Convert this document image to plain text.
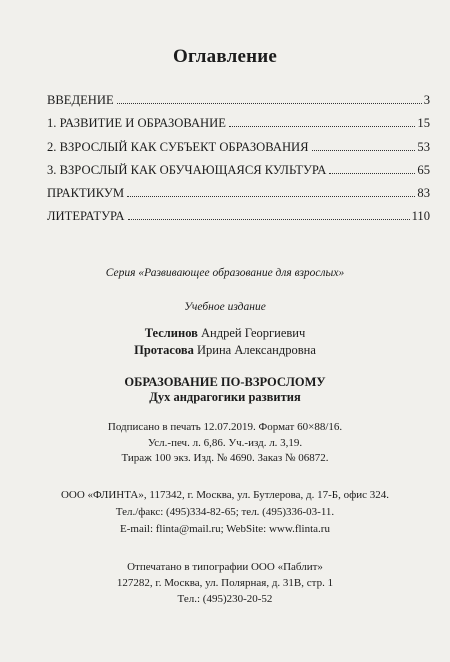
Оглавление
ВВЕДЕНИЕ	3
1. РАЗВИТИЕ И ОБРАЗОВАНИЕ	15
2. ВЗРОСЛЫЙ КАК СУБЪЕКТ ОБРАЗОВАНИЯ	53
3. ВЗРОСЛЫЙ КАК ОБУЧАЮЩАЯСЯ КУЛЬТУРА	65
ПРАКТИКУМ	83
ЛИТЕРАТУРА	110
Серия «Развивающее образование для взрослых»
Учебное издание
Теслинов Андрей Георгиевич
Протасова Ирина Александровна
ОБРАЗОВАНИЕ ПО-ВЗРОСЛОМУ
Дух андрагогики развития
Подписано в печать 12.07.2019. Формат 60×88/16.
Усл.-печ. л. 6,86. Уч.-изд. л. 3,19.
Тираж 100 экз. Изд. № 4690. Заказ № 06872.
ООО «ФЛИНТА», 117342, г. Москва, ул. Бутлерова, д. 17-Б, офис 324.
Тел./факс: (495)334-82-65; тел. (495)336-03-11.
E-mail: flinta@mail.ru; WebSite: www.flinta.ru
Отпечатано в типографии ООО «Паблит»
127282, г. Москва, ул. Полярная, д. 31В, стр. 1
Тел.: (495)230-20-52
